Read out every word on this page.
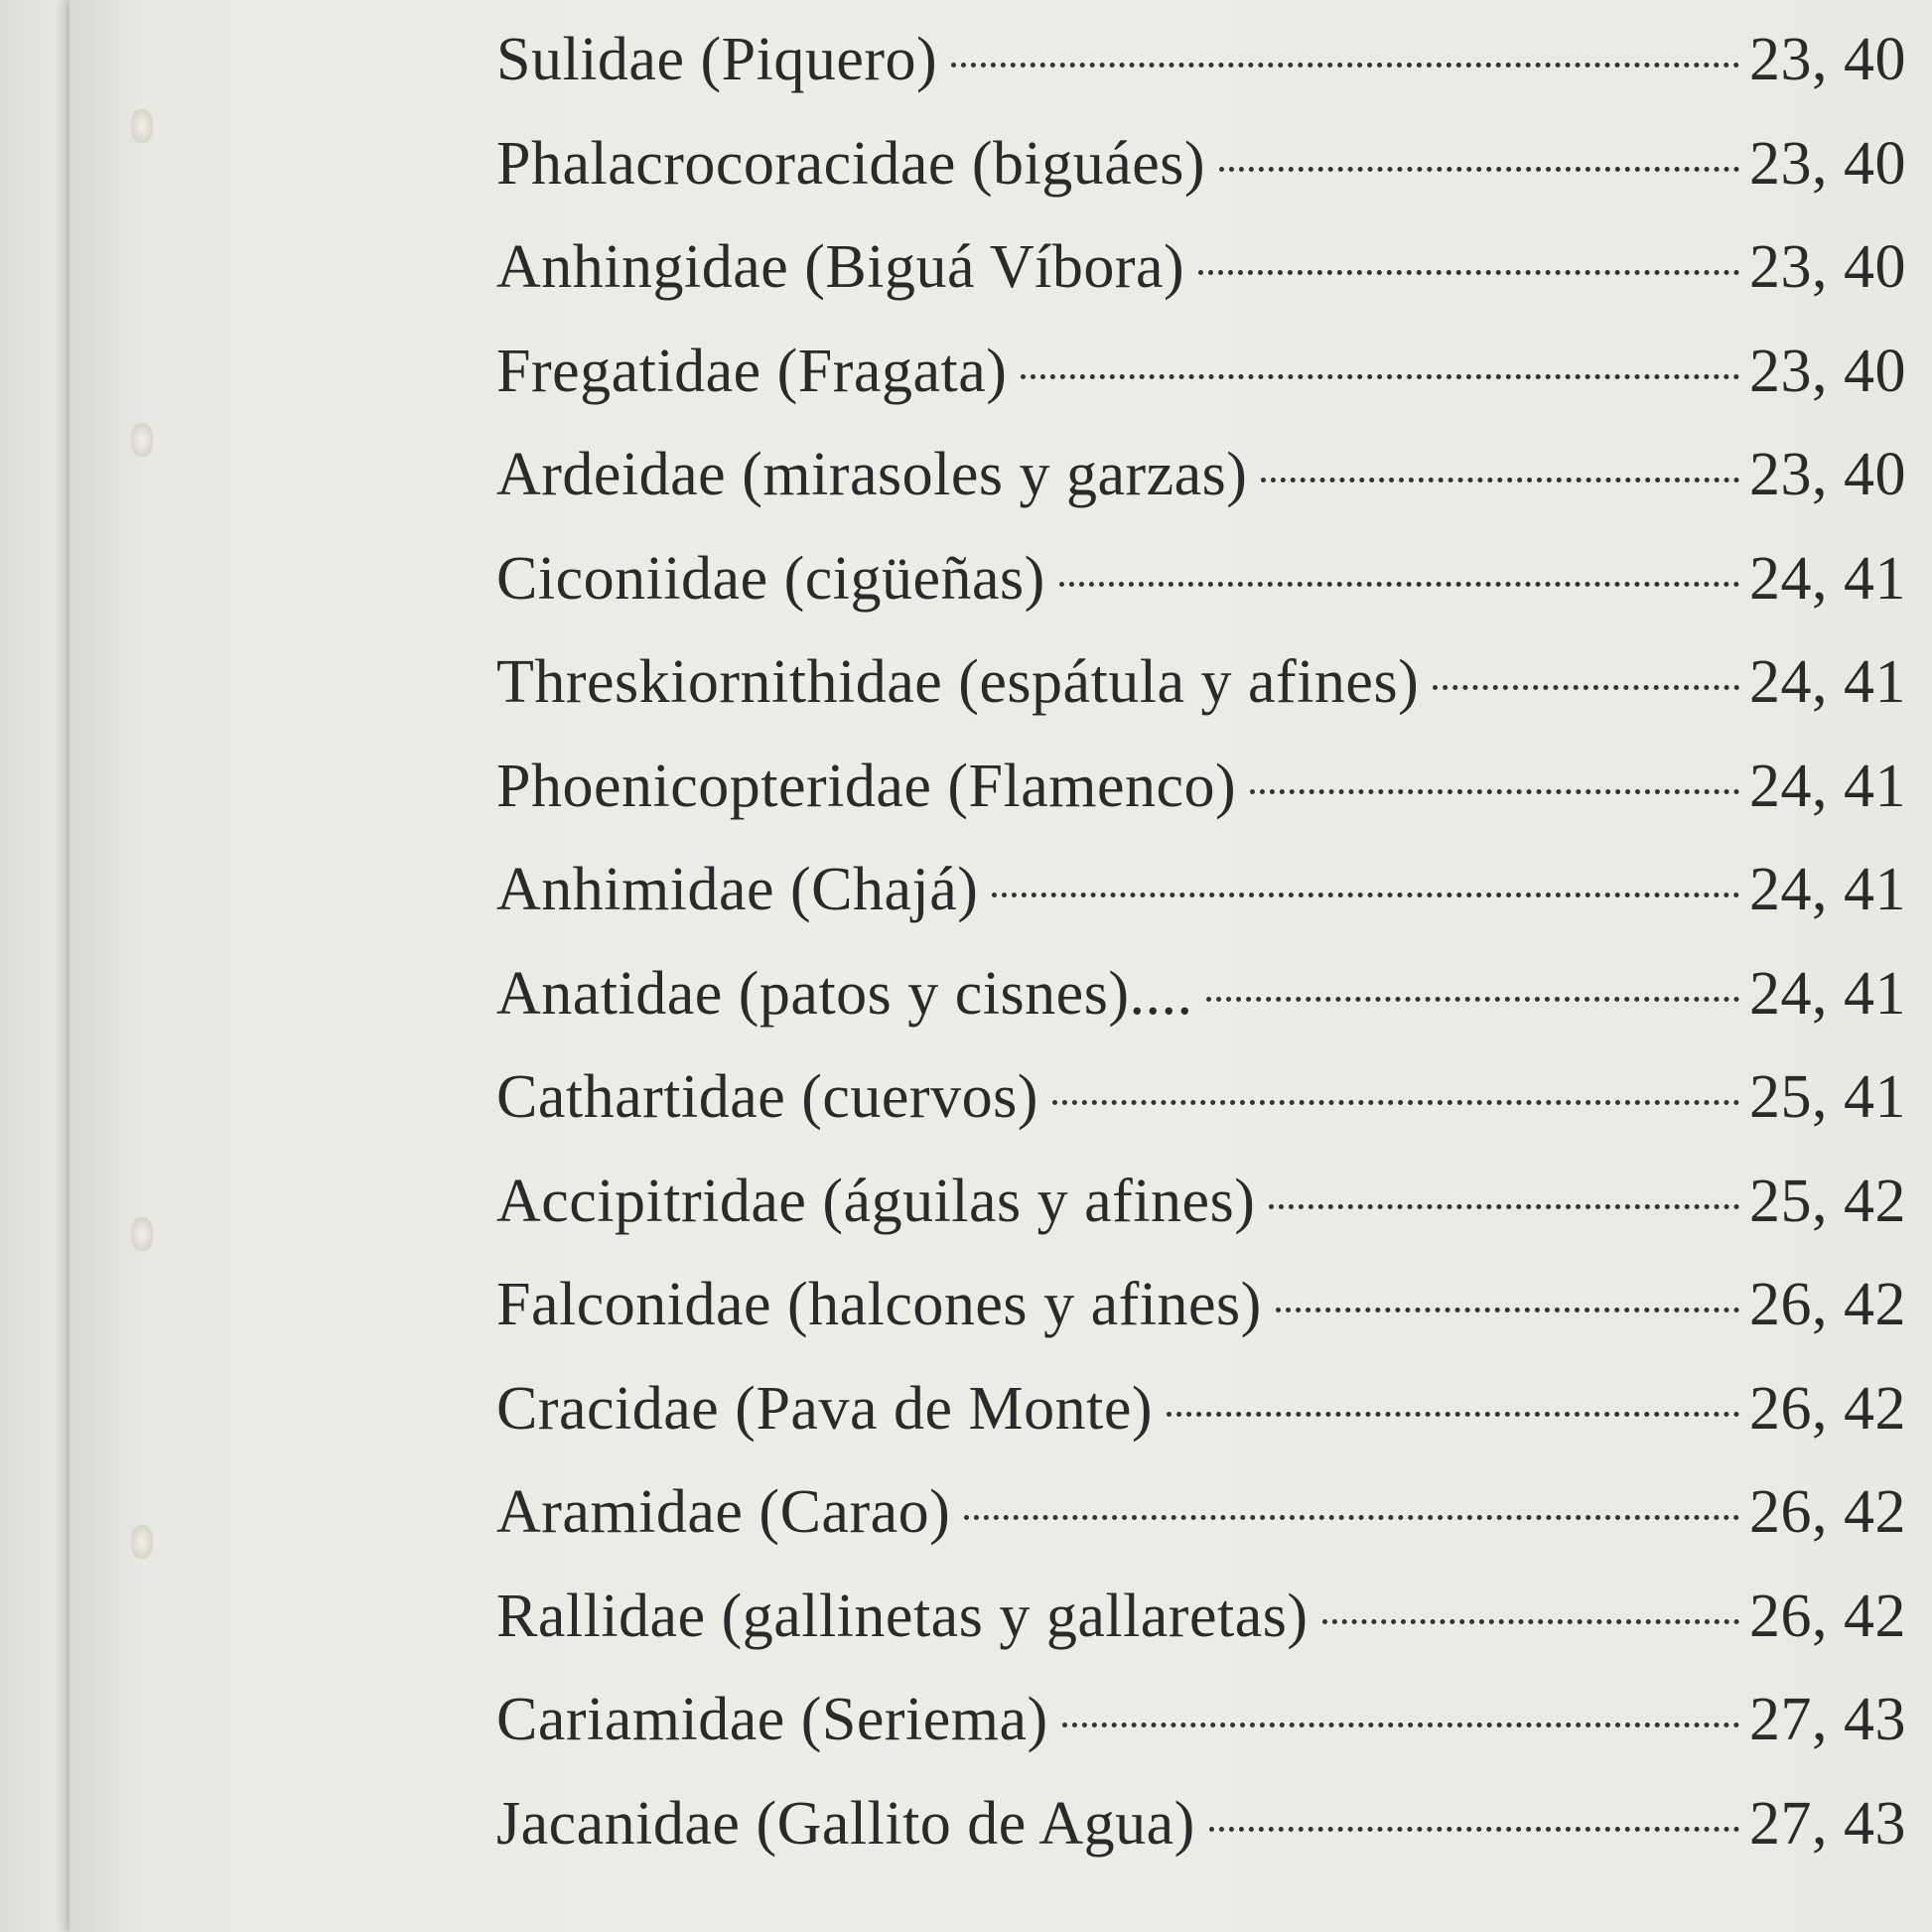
Sulidae (Piquero)	23, 40
Phalacrocoracidae (biguáes)	23, 40
Anhingidae (Biguá Víbora)	23, 40
Fregatidae (Fragata)	23, 40
Ardeidae (mirasoles y garzas)	23, 40
Ciconiidae (cigüeñas)	24, 41
Threskiornithidae (espátula y afines)	24, 41
Phoenicopteridae (Flamenco)	24, 41
Anhimidae (Chajá)	24, 41
Anatidae (patos y cisnes)....	24, 41
Cathartidae (cuervos)	25, 41
Accipitridae (águilas y afines)	25, 42
Falconidae (halcones y afines)	26, 42
Cracidae (Pava de Monte)	26, 42
Aramidae (Carao)	26, 42
Rallidae (gallinetas y gallaretas)	26, 42
Cariamidae (Seriema)	27, 43
Jacanidae (Gallito de Agua)	27, 43
